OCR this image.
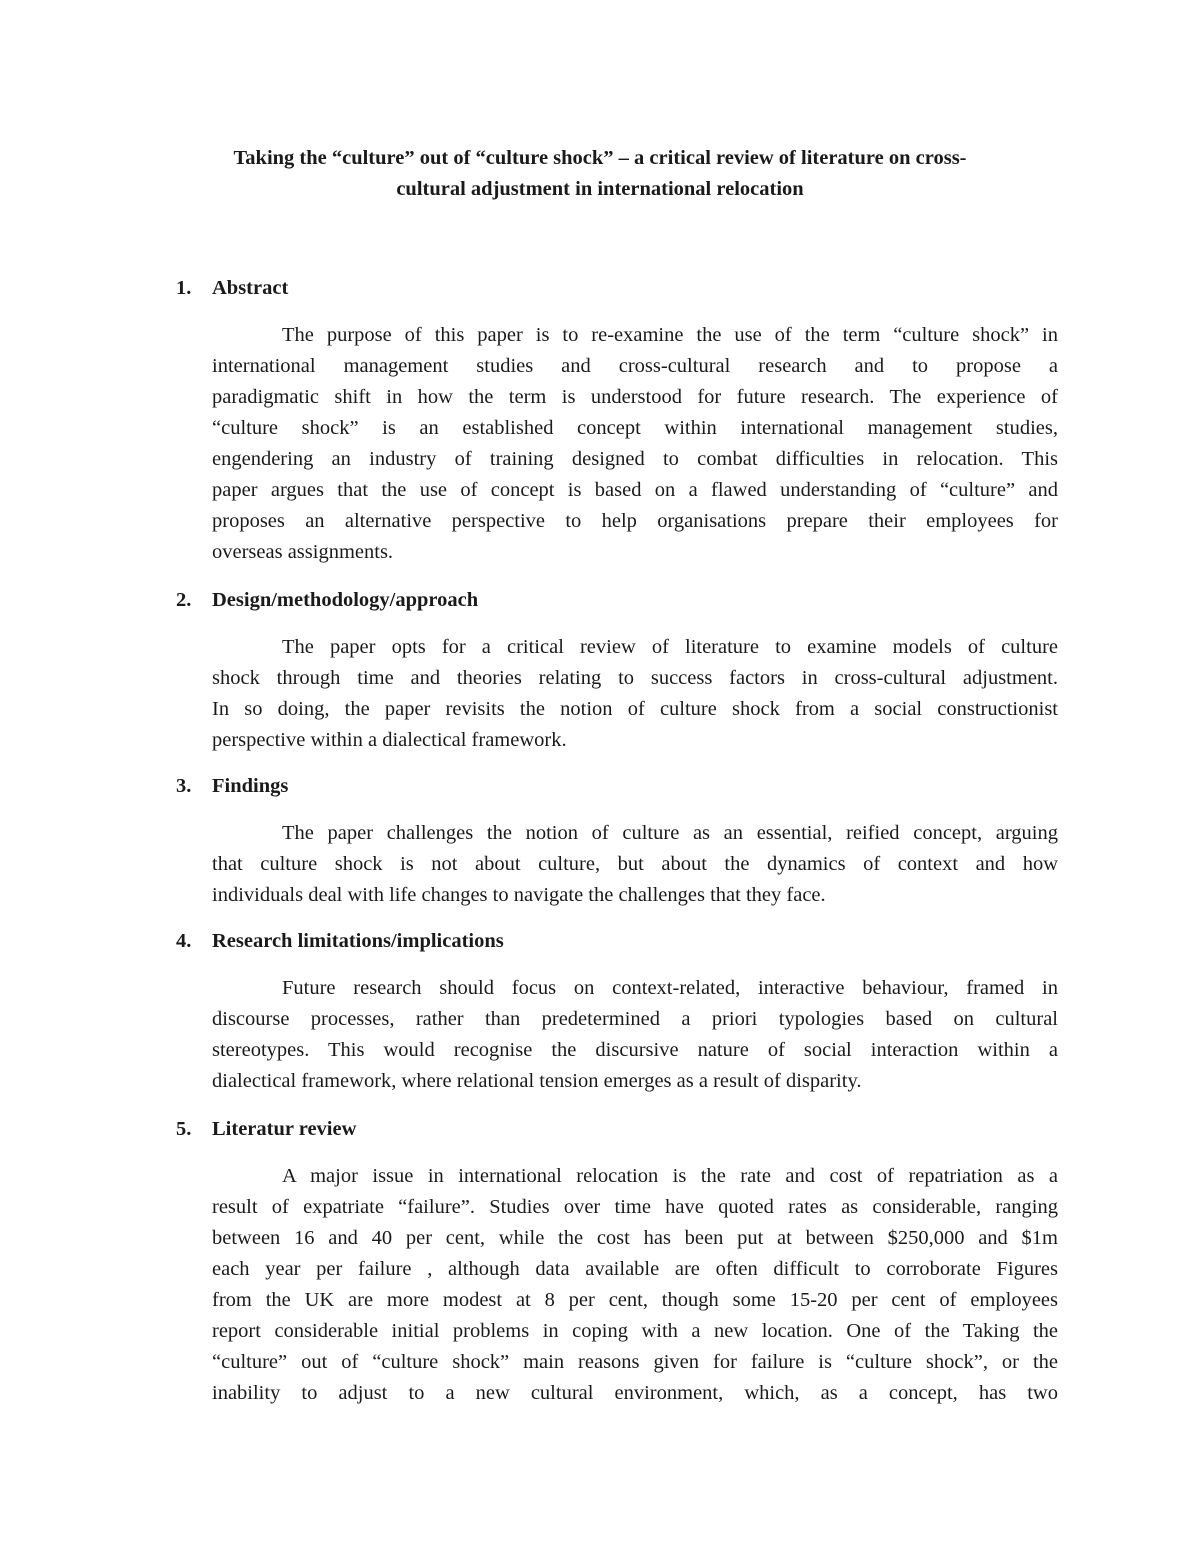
Taking the “culture” out of “culture shock” – a critical review of literature on cross-
cultural adjustment in international relocation
1. Abstract
The purpose of this paper is to re-examine the use of the term “culture shock” in
international management studies and cross-cultural research and to propose a
paradigmatic shift in how the term is understood for future research. The experience of
“culture shock” is an established concept within international management studies,
engendering an industry of training designed to combat difficulties in relocation. This
paper argues that the use of concept is based on a flawed understanding of “culture” and
proposes an alternative perspective to help organisations prepare their employees for
overseas assignments.
2. Design/methodology/approach
The paper opts for a critical review of literature to examine models of culture
shock through time and theories relating to success factors in cross-cultural adjustment.
In so doing, the paper revisits the notion of culture shock from a social constructionist
perspective within a dialectical framework.
3. Findings
The paper challenges the notion of culture as an essential, reified concept, arguing
that culture shock is not about culture, but about the dynamics of context and how
individuals deal with life changes to navigate the challenges that they face.
4. Research limitations/implications
Future research should focus on context-related, interactive behaviour, framed in
discourse processes, rather than predetermined a priori typologies based on cultural
stereotypes. This would recognise the discursive nature of social interaction within a
dialectical framework, where relational tension emerges as a result of disparity.
5. Literatur review
A major issue in international relocation is the rate and cost of repatriation as a
result of expatriate “failure”. Studies over time have quoted rates as considerable, ranging
between 16 and 40 per cent, while the cost has been put at between $250,000 and $1m
each year per failure , although data available are often difficult to corroborate Figures
from the UK are more modest at 8 per cent, though some 15-20 per cent of employees
report considerable initial problems in coping with a new location. One of the Taking the
“culture” out of “culture shock” main reasons given for failure is “culture shock”, or the
inability to adjust to a new cultural environment, which, as a concept, has two
